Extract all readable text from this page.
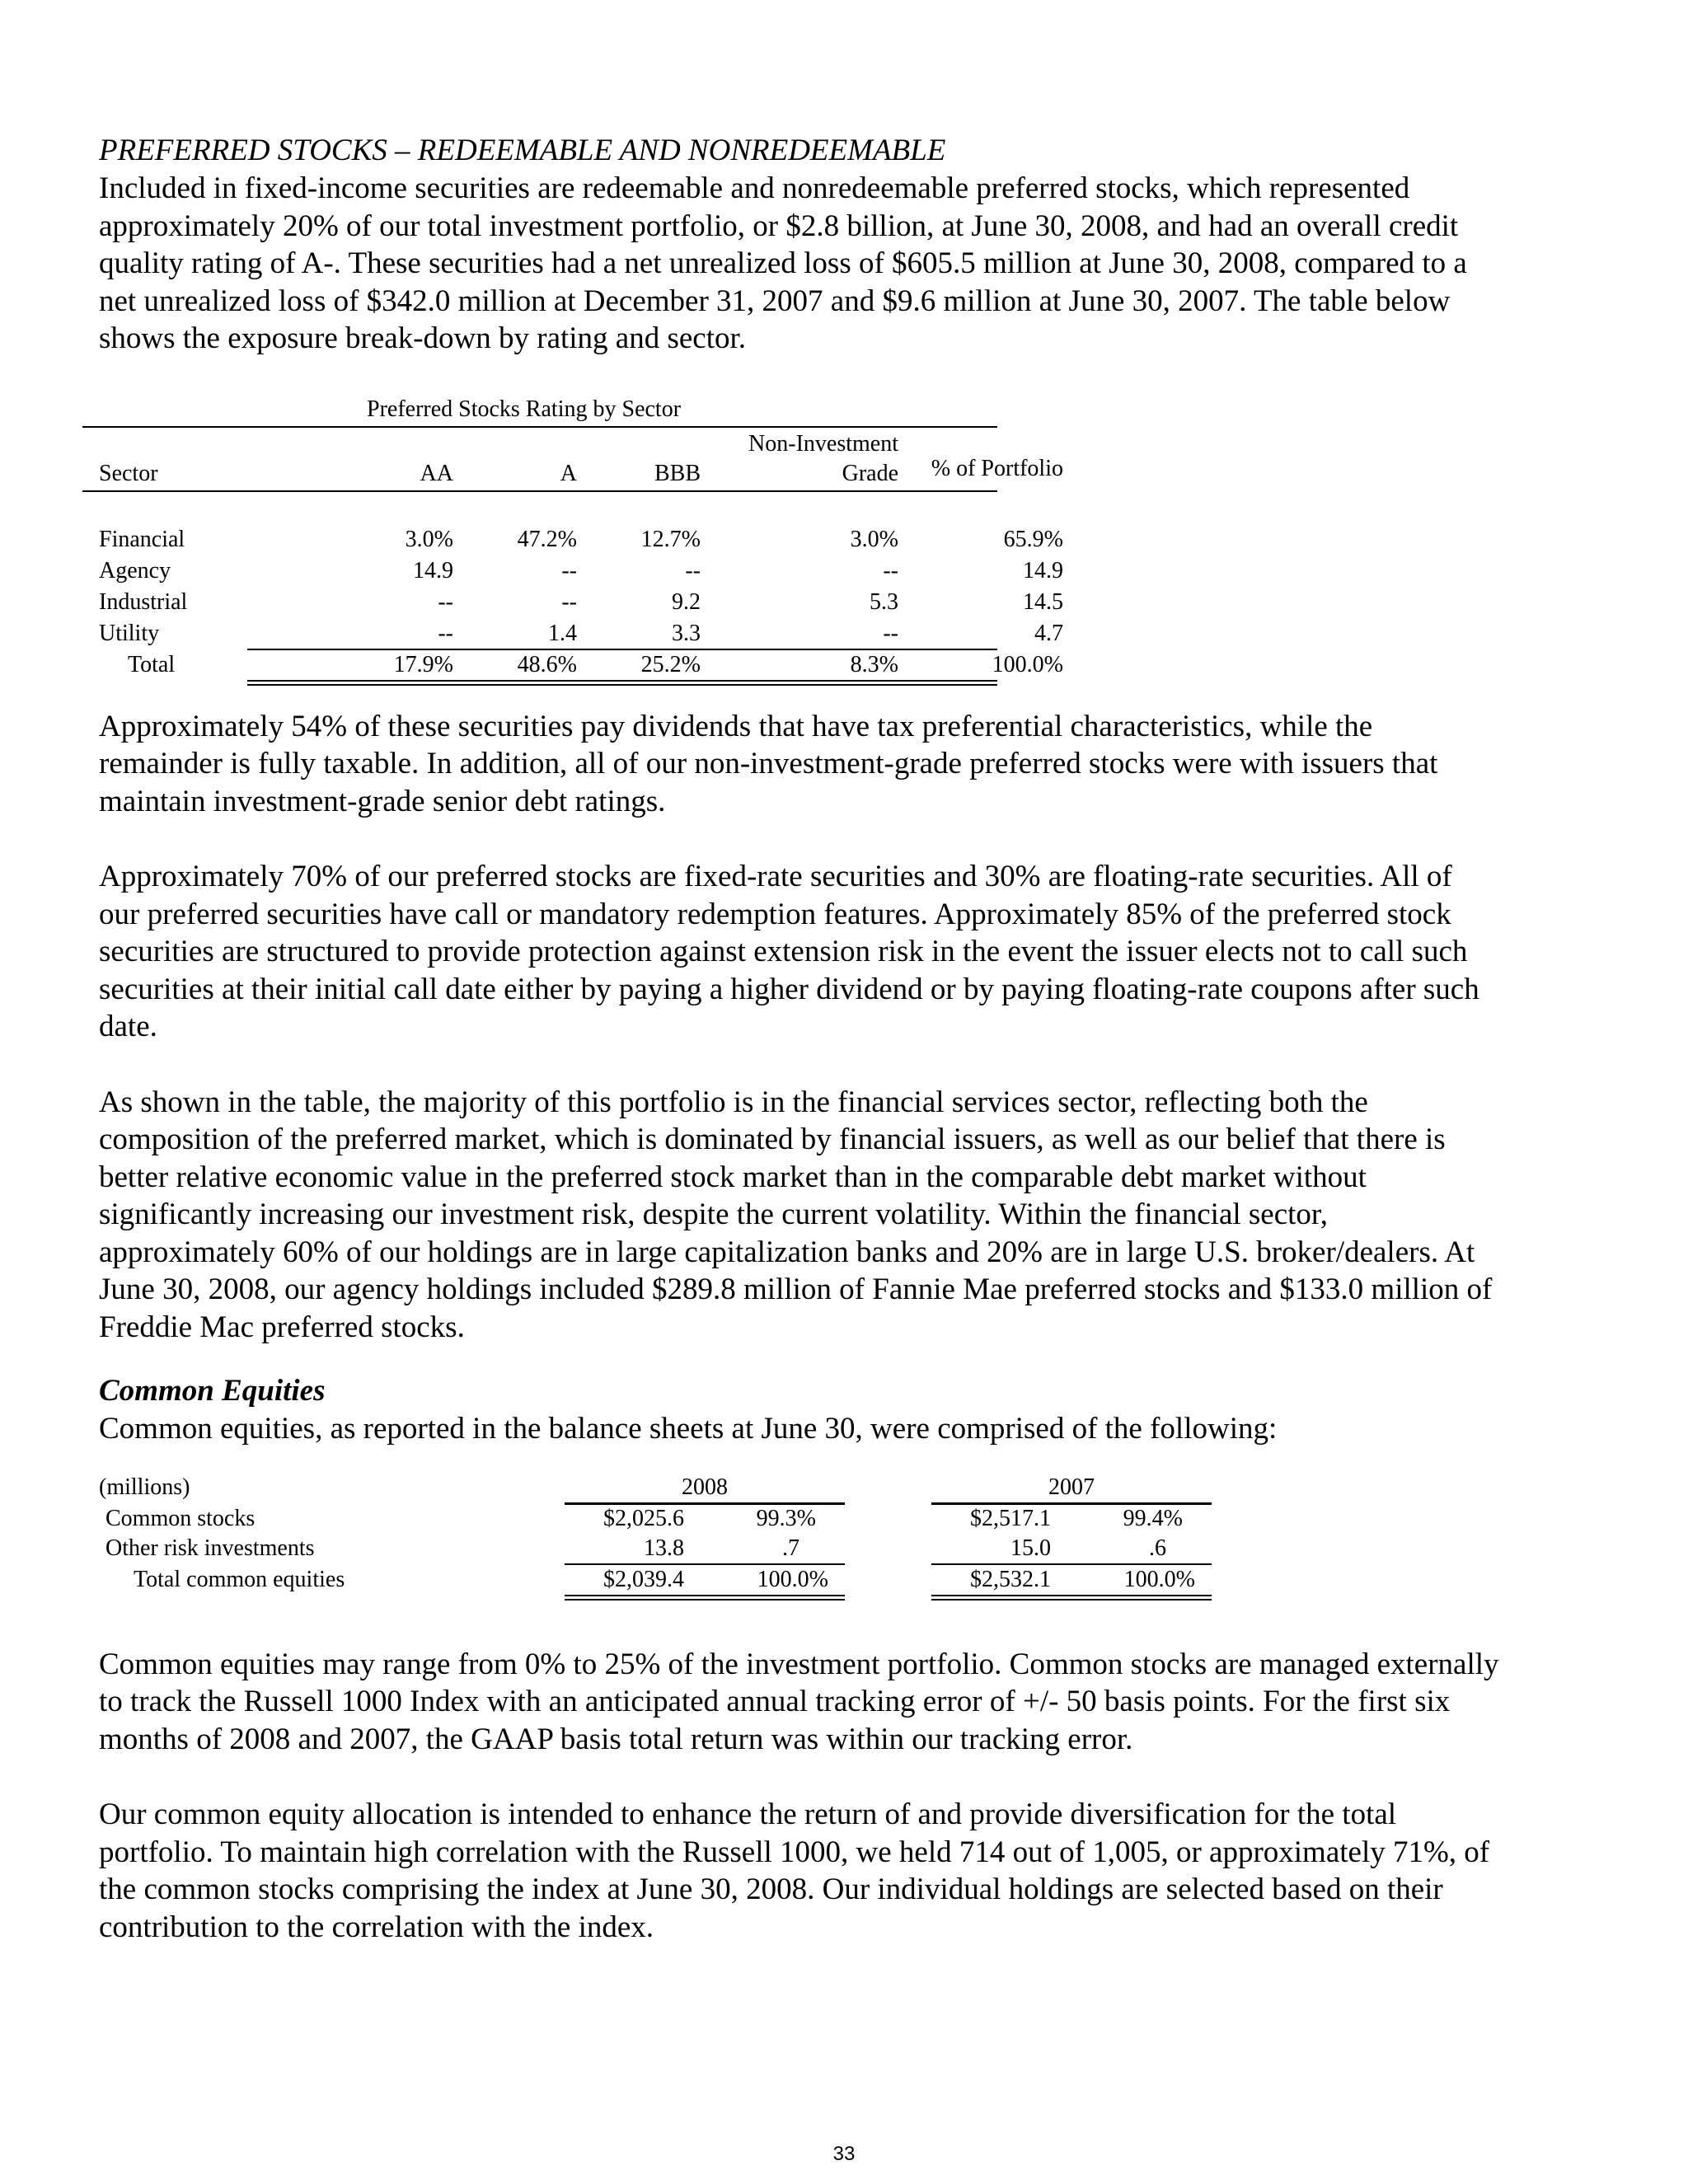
PREFERRED STOCKS – REDEEMABLE AND NONREDEEMABLE

Included in fixed-income securities are redeemable and nonredeemable preferred stocks, which represented approximately 20% of our total investment portfolio, or $2.8 billion, at June 30, 2008, and had an overall credit quality rating of A-. These securities had a net unrealized loss of $605.5 million at June 30, 2008, compared to a net unrealized loss of $342.0 million at December 31, 2007 and $9.6 million at June 30, 2007. The table below shows the exposure break-down by rating and sector.

Preferred Stocks Rating by Sector
Non-Investment
Sector	AA	A	BBB	Grade	% of Portfolio
Financial	3.0%	47.2%	12.7%	3.0%	65.9%
Agency	14.9	--	--	--	14.9
Industrial	--	--	9.2	5.3	14.5
Utility	--	1.4	3.3	--	4.7
Total	17.9%	48.6%	25.2%	8.3%	100.0%

Approximately 54% of these securities pay dividends that have tax preferential characteristics, while the remainder is fully taxable. In addition, all of our non-investment-grade preferred stocks were with issuers that maintain investment-grade senior debt ratings.

Approximately 70% of our preferred stocks are fixed-rate securities and 30% are floating-rate securities. All of our preferred securities have call or mandatory redemption features. Approximately 85% of the preferred stock securities are structured to provide protection against extension risk in the event the issuer elects not to call such securities at their initial call date either by paying a higher dividend or by paying floating-rate coupons after such date.

As shown in the table, the majority of this portfolio is in the financial services sector, reflecting both the composition of the preferred market, which is dominated by financial issuers, as well as our belief that there is better relative economic value in the preferred stock market than in the comparable debt market without significantly increasing our investment risk, despite the current volatility. Within the financial sector, approximately 60% of our holdings are in large capitalization banks and 20% are in large U.S. broker/dealers. At June 30, 2008, our agency holdings included $289.8 million of Fannie Mae preferred stocks and $133.0 million of Freddie Mac preferred stocks.

Common Equities

Common equities, as reported in the balance sheets at June 30, were comprised of the following:

(millions)	2008	2007
Common stocks	$2,025.6	99.3%	$2,517.1	99.4%
Other risk investments	13.8	.7	15.0	.6
Total common equities	$2,039.4	100.0%	$2,532.1	100.0%

Common equities may range from 0% to 25% of the investment portfolio. Common stocks are managed externally to track the Russell 1000 Index with an anticipated annual tracking error of +/- 50 basis points. For the first six months of 2008 and 2007, the GAAP basis total return was within our tracking error.

Our common equity allocation is intended to enhance the return of and provide diversification for the total portfolio. To maintain high correlation with the Russell 1000, we held 714 out of 1,005, or approximately 71%, of the common stocks comprising the index at June 30, 2008. Our individual holdings are selected based on their contribution to the correlation with the index.

33
